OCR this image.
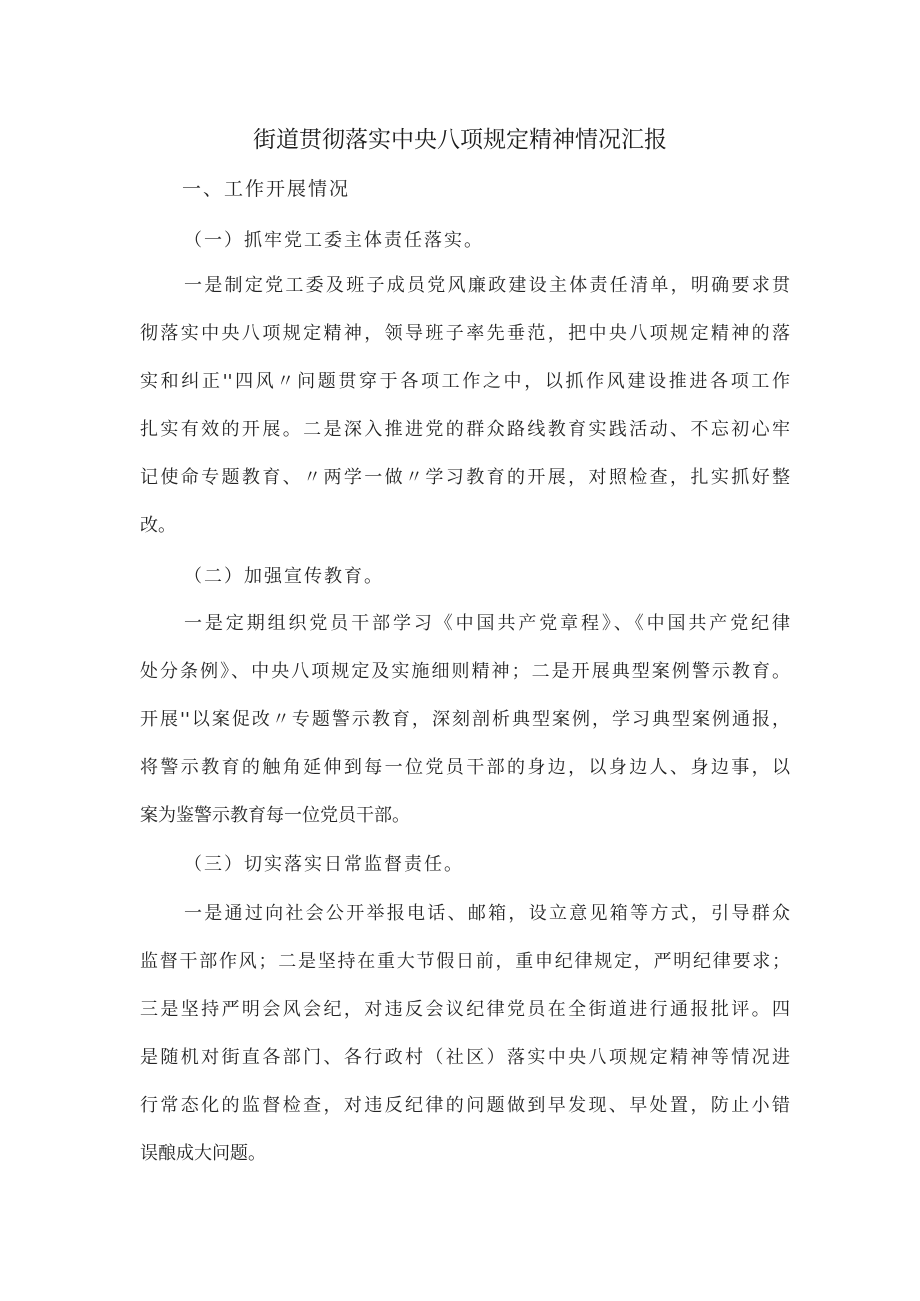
街道贯彻落实中央八项规定精神情况汇报
一、工作开展情况
（一）抓牢党工委主体责任落实。
一是制定党工委及班子成员党风廉政建设主体责任清单，明确要求贯
彻落实中央八项规定精神，领导班子率先垂范，把中央八项规定精神的落
实和纠正''四风〃问题贯穿于各项工作之中，以抓作风建设推进各项工作
扎实有效的开展。二是深入推进党的群众路线教育实践活动、不忘初心牢
记使命专题教育、〃两学一做〃学习教育的开展，对照检查，扎实抓好整
改。
（二）加强宣传教育。
一是定期组织党员干部学习《中国共产党章程》、《中国共产党纪律
处分条例》、中央八项规定及实施细则精神；二是开展典型案例警示教育。
开展''以案促改〃专题警示教育，深刻剖析典型案例，学习典型案例通报，
将警示教育的触角延伸到每一位党员干部的身边，以身边人、身边事，以
案为鉴警示教育每一位党员干部。
（三）切实落实日常监督责任。
一是通过向社会公开举报电话、邮箱，设立意见箱等方式，引导群众
监督干部作风；二是坚持在重大节假日前，重申纪律规定，严明纪律要求；
三是坚持严明会风会纪，对违反会议纪律党员在全街道进行通报批评。四
是随机对街直各部门、各行政村（社区）落实中央八项规定精神等情况进
行常态化的监督检查，对违反纪律的问题做到早发现、早处置，防止小错
误酿成大问题。
